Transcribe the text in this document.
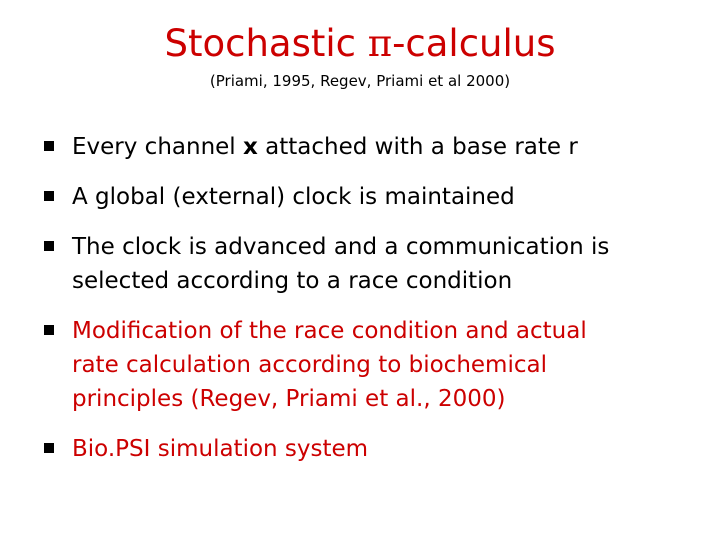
Stochastic π-calculus
(Priami, 1995, Regev, Priami et al 2000)
Every channel x attached with a base rate r
A global (external) clock is maintained
The clock is advanced and a communication is
selected according to a race condition
Modification of the race condition and actual
rate calculation according to biochemical
principles (Regev, Priami et al., 2000)
Bio.PSI simulation system
